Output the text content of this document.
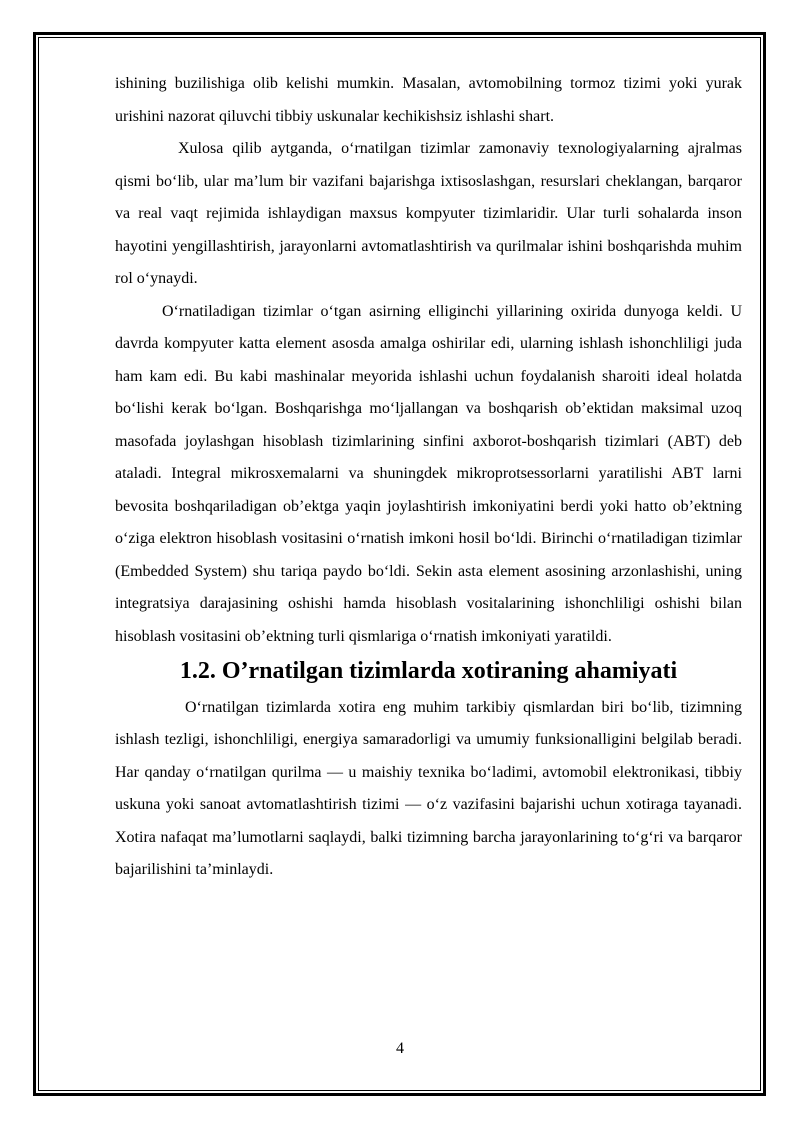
ishining buzilishiga olib kelishi mumkin. Masalan, avtomobilning tormoz tizimi yoki yurak urishini nazorat qiluvchi tibbiy uskunalar kechikishsiz ishlashi shart.

Xulosa qilib aytganda, o‘rnatilgan tizimlar zamonaviy texnologiyalarning ajralmas qismi bo‘lib, ular ma’lum bir vazifani bajarishga ixtisoslashgan, resurslari cheklangan, barqaror va real vaqt rejimida ishlaydigan maxsus kompyuter tizimlaridir. Ular turli sohalarda inson hayotini yengillashtirish, jarayonlarni avtomatlashtirish va qurilmalar ishini boshqarishda muhim rol o‘ynaydi.

O‘rnatiladigan tizimlar o‘tgan asirning elliginchi yillarining oxirida dunyoga keldi. U davrda kompyuter katta element asosda amalga oshirilar edi, ularning ishlash ishonchliligi juda ham kam edi. Bu kabi mashinalar meyorida ishlashi uchun foydalanish sharoiti ideal holatda bo‘lishi kerak bo‘lgan. Boshqarishga mo‘ljallangan va boshqarish ob’ektidan maksimal uzoq masofada joylashgan hisoblash tizimlarining sinfini axborot-boshqarish tizimlari (ABT) deb ataladi. Integral mikrosxemalarni va shuningdek mikroprotsessorlarni yaratilishi ABT larni bevosita boshqariladigan ob’ektga yaqin joylashtirish imkoniyatini berdi yoki hatto ob’ektning o‘ziga elektron hisoblash vositasini o‘rnatish imkoni hosil bo‘ldi. Birinchi o‘rnatiladigan tizimlar (Embedded System) shu tariqa paydo bo‘ldi. Sekin asta element asosining arzonlashishi, uning integratsiya darajasining oshishi hamda hisoblash vositalarining ishonchliligi oshishi bilan hisoblash vositasini ob’ektning turli qismlariga o‘rnatish imkoniyati yaratildi.

1.2. O’rnatilgan tizimlarda xotiraning ahamiyati

O‘rnatilgan tizimlarda xotira eng muhim tarkibiy qismlardan biri bo‘lib, tizimning ishlash tezligi, ishonchliligi, energiya samaradorligi va umumiy funksionalligini belgilab beradi. Har qanday o‘rnatilgan qurilma — u maishiy texnika bo‘ladimi, avtomobil elektronikasi, tibbiy uskuna yoki sanoat avtomatlashtirish tizimi — o‘z vazifasini bajarishi uchun xotiraga tayanadi. Xotira nafaqat ma’lumotlarni saqlaydi, balki tizimning barcha jarayonlarining to‘g‘ri va barqaror bajarilishini ta’minlaydi.

4
